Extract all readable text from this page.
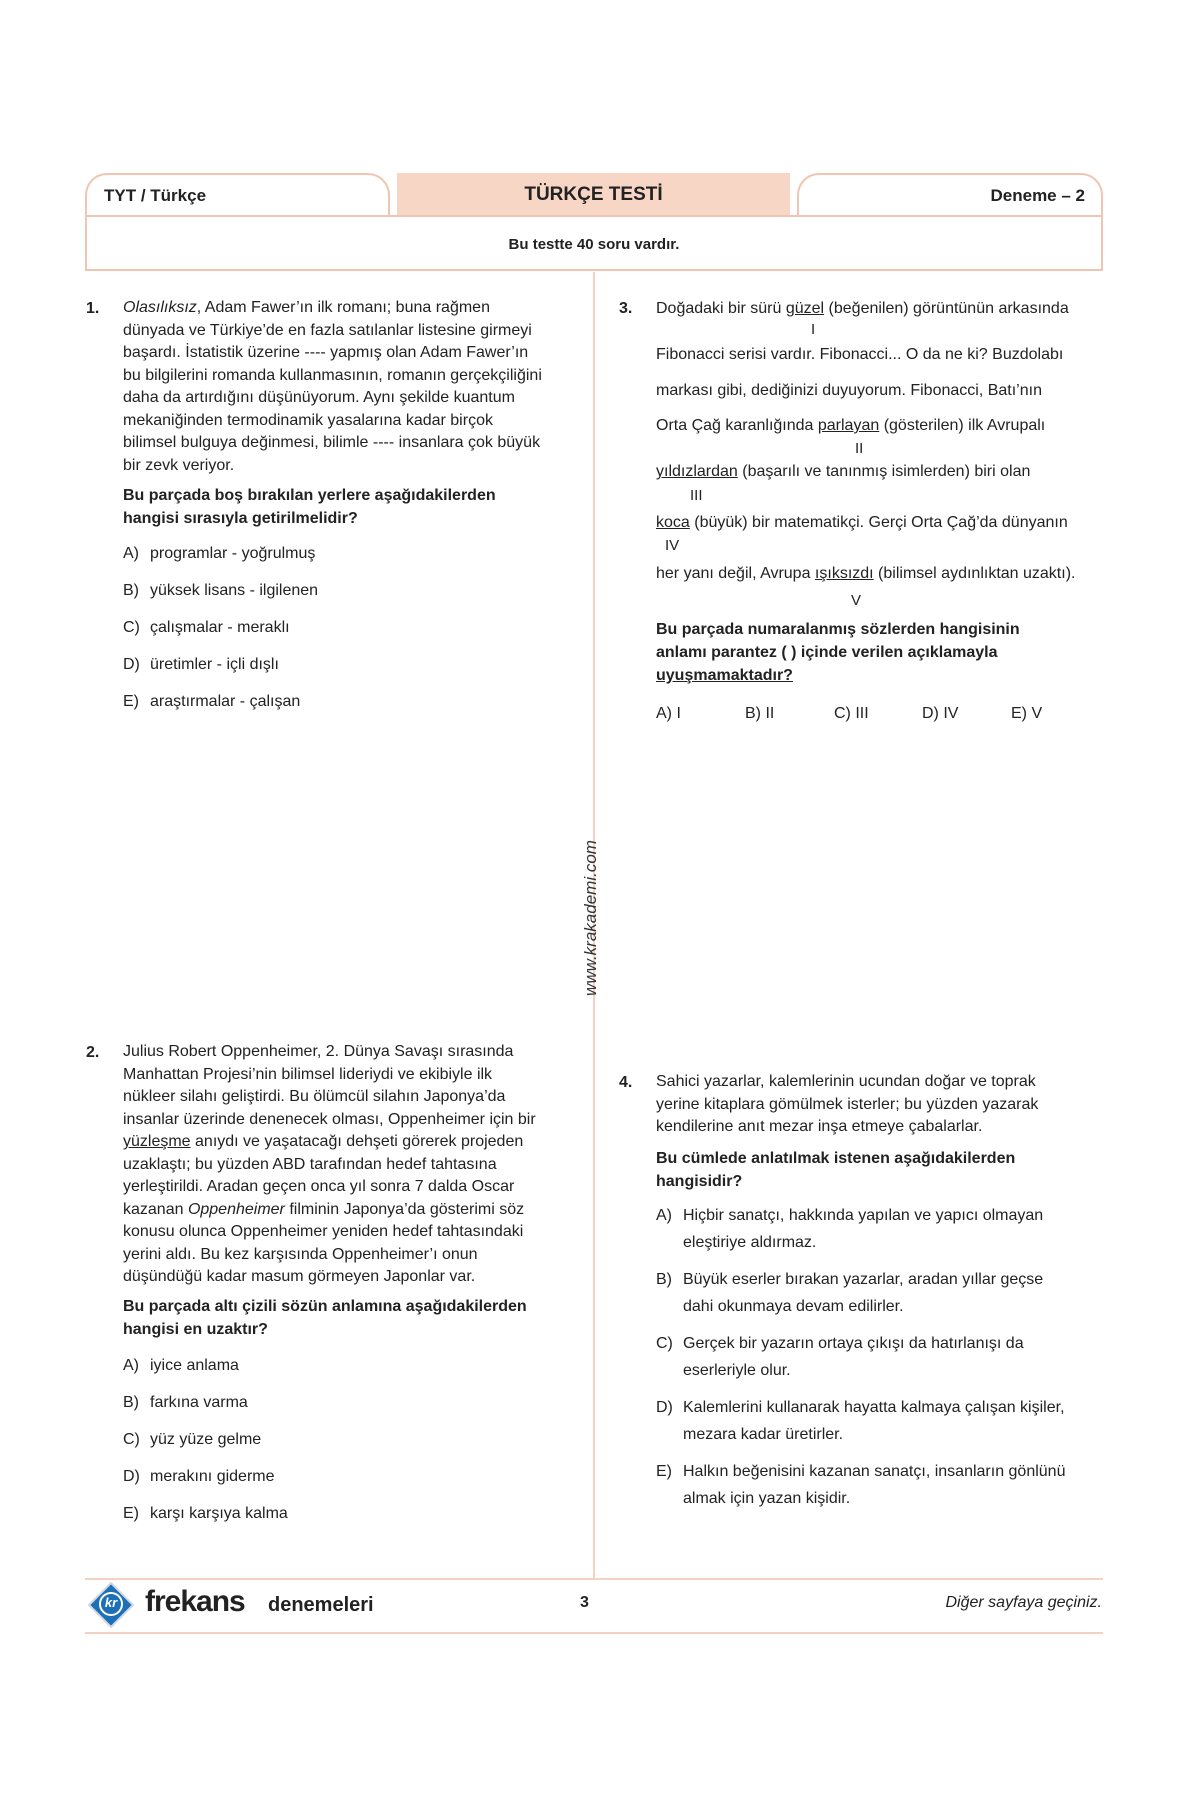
TYT / Türkçe	TÜRKÇE TESTİ	Deneme – 2
Bu testte 40 soru vardır.
www.krakademi.com
1. Olasılıksız, Adam Fawer’ın ilk romanı; buna rağmen
dünyada ve Türkiye’de en fazla satılanlar listesine girmeyi
başardı. İstatistik üzerine ---- yapmış olan Adam Fawer’ın
bu bilgilerini romanda kullanmasının, romanın gerçekçiliğini
daha da artırdığını düşünüyorum. Aynı şekilde kuantum
mekaniğinden termodinamik yasalarına kadar birçok
bilimsel bulguya değinmesi, bilimle ---- insanlara çok büyük
bir zevk veriyor.
Bu parçada boş bırakılan yerlere aşağıdakilerden
hangisi sırasıyla getirilmelidir?
A) programlar - yoğrulmuş
B) yüksek lisans - ilgilenen
C) çalışmalar - meraklı
D) üretimler - içli dışlı
E) araştırmalar - çalışan
3. Doğadaki bir sürü güzel (beğenilen) görüntünün arkasında
I
Fibonacci serisi vardır. Fibonacci... O da ne ki? Buzdolabı
markası gibi, dediğinizi duyuyorum. Fibonacci, Batı’nın
Orta Çağ karanlığında parlayan (gösterilen) ilk Avrupalı
II
yıldızlardan (başarılı ve tanınmış isimlerden) biri olan
III
koca (büyük) bir matematikçi. Gerçi Orta Çağ’da dünyanın
IV
her yanı değil, Avrupa ışıksızdı (bilimsel aydınlıktan uzaktı).
V
Bu parçada numaralanmış sözlerden hangisinin
anlamı parantez ( ) içinde verilen açıklamayla
uyuşmamaktadır?
A) I	B) II	C) III	D) IV	E) V
2. Julius Robert Oppenheimer, 2. Dünya Savaşı sırasında
Manhattan Projesi’nin bilimsel lideriydi ve ekibiyle ilk
nükleer silahı geliştirdi. Bu ölümcül silahın Japonya’da
insanlar üzerinde denenecek olması, Oppenheimer için bir
yüzleşme anıydı ve yaşatacağı dehşeti görerek projeden
uzaklaştı; bu yüzden ABD tarafından hedef tahtasına
yerleştirildi. Aradan geçen onca yıl sonra 7 dalda Oscar
kazanan Oppenheimer filminin Japonya’da gösterimi söz
konusu olunca Oppenheimer yeniden hedef tahtasındaki
yerini aldı. Bu kez karşısında Oppenheimer’ı onun
düşündüğü kadar masum görmeyen Japonlar var.
Bu parçada altı çizili sözün anlamına aşağıdakilerden
hangisi en uzaktır?
A) iyice anlama
B) farkına varma
C) yüz yüze gelme
D) merakını giderme
E) karşı karşıya kalma
4. Sahici yazarlar, kalemlerinin ucundan doğar ve toprak
yerine kitaplara gömülmek isterler; bu yüzden yazarak
kendilerine anıt mezar inşa etmeye çabalarlar.
Bu cümlede anlatılmak istenen aşağıdakilerden
hangisidir?
A) Hiçbir sanatçı, hakkında yapılan ve yapıcı olmayan
eleştiriye aldırmaz.
B) Büyük eserler bırakan yazarlar, aradan yıllar geçse
dahi okunmaya devam edilirler.
C) Gerçek bir yazarın ortaya çıkışı da hatırlanışı da
eserleriyle olur.
D) Kalemlerini kullanarak hayatta kalmaya çalışan kişiler,
mezara kadar üretirler.
E) Halkın beğenisini kazanan sanatçı, insanların gönlünü
almak için yazan kişidir.
kr frekans denemeleri	3	Diğer sayfaya geçiniz.
